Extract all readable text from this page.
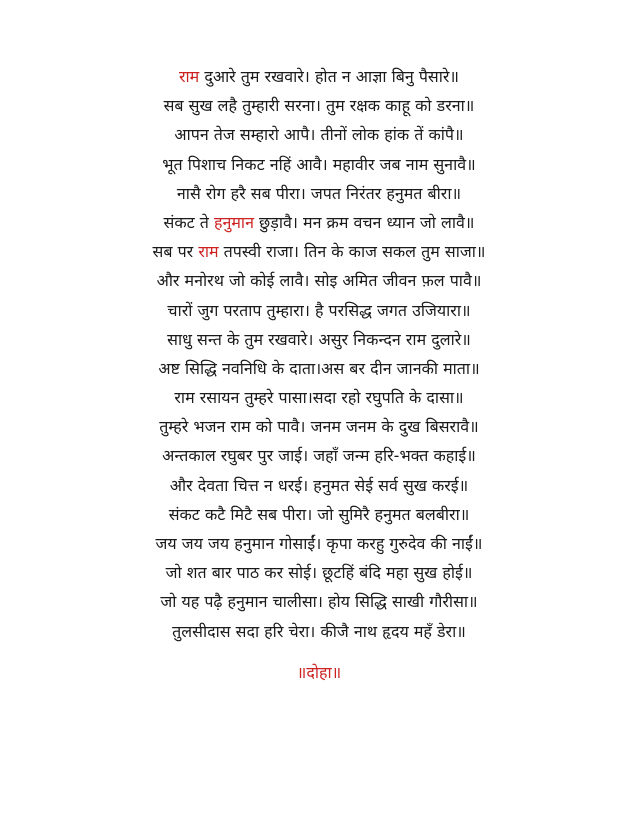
राम दुआरे तुम रखवारे। होत न आज्ञा बिनु पैसारे॥

सब सुख लहै तुम्हारी सरना। तुम रक्षक काहू को डरना॥

आपन तेज सम्हारो आपै। तीनों लोक हांक तें कांपै॥

भूत पिशाच निकट नहिं आवै। महावीर जब नाम सुनावै॥

नासै रोग हरै सब पीरा। जपत निरंतर हनुमत बीरा॥

संकट ते हनुमान छुड़ावै। मन क्रम वचन ध्यान जो लावै॥

सब पर राम तपस्वी राजा। तिन के काज सकल तुम साजा॥

और मनोरथ जो कोई लावै। सोइ अमित जीवन फ़ल पावै॥

चारों जुग परताप तुम्हारा। है परसिद्ध जगत उजियारा॥

साधु सन्त के तुम रखवारे। असुर निकन्दन राम दुलारे॥

अष्ट सिद्धि नवनिधि के दाता।अस बर दीन जानकी माता॥

राम रसायन तुम्हरे पासा।सदा रहो रघुपति के दासा॥

तुम्हरे भजन राम को पावै। जनम जनम के दुख बिसरावै॥

अन्तकाल रघुबर पुर जाई। जहाँ जन्म हरि-भक्त कहाई॥

और देवता चित्त न धरई। हनुमत सेई सर्व सुख करई॥

संकट कटै मिटै सब पीरा। जो सुमिरै हनुमत बलबीरा॥

जय जय जय हनुमान गोसाईं। कृपा करहु गुरुदेव की नाईं॥

जो शत बार पाठ कर सोई। छूटहिं बंदि महा सुख होई॥

जो यह पढ़ै हनुमान चालीसा। होय सिद्धि साखी गौरीसा॥

तुलसीदास सदा हरि चेरा। कीजै नाथ हृदय महँ डेरा॥

॥दोहा॥
